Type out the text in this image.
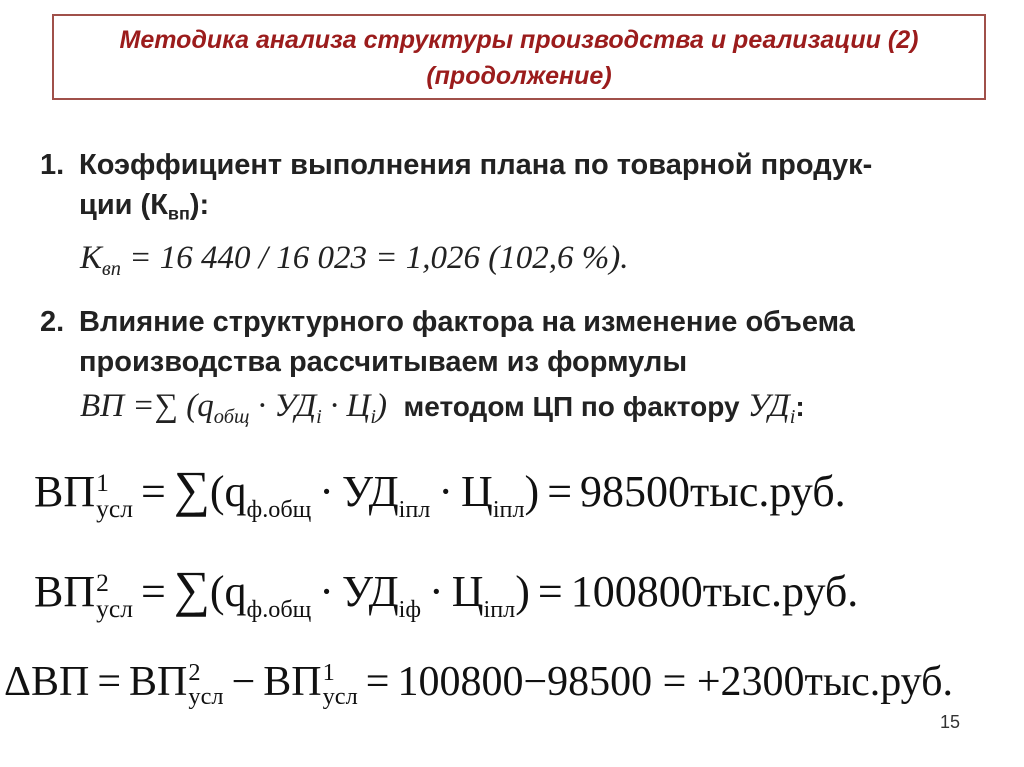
Методика анализа структуры производства и реализации (2)
(продолжение)
1. Коэффициент выполнения плана по товарной продук-
ции $(К_{вп})$:
$К_{вп} = 16$ 440 / 16 023 = 1,026 (102,6 %).
2. Влияние структурного фактора на изменение объема
производства рассчитываем из формулы
ВП =∑ $(q_{общ} \cdot УД_i \cdot Ц_i)$ методом ЦП по фактору $УД_i$:
ВП 1
усл = $\sum(q_{ф.общ} \cdot УД_{iпл} \cdot Ц_{iпл}) = 98500тыс.руб$.
ВП 2
усл = $\sum(q_{ф.общ} \cdot УД_{iф} \cdot Ц_{iпл}) = 100800тыс.руб$.
ΔВП = ВП 2
усл − ВП 1
усл = 100800−98500 = +2300тыс.руб.
15
